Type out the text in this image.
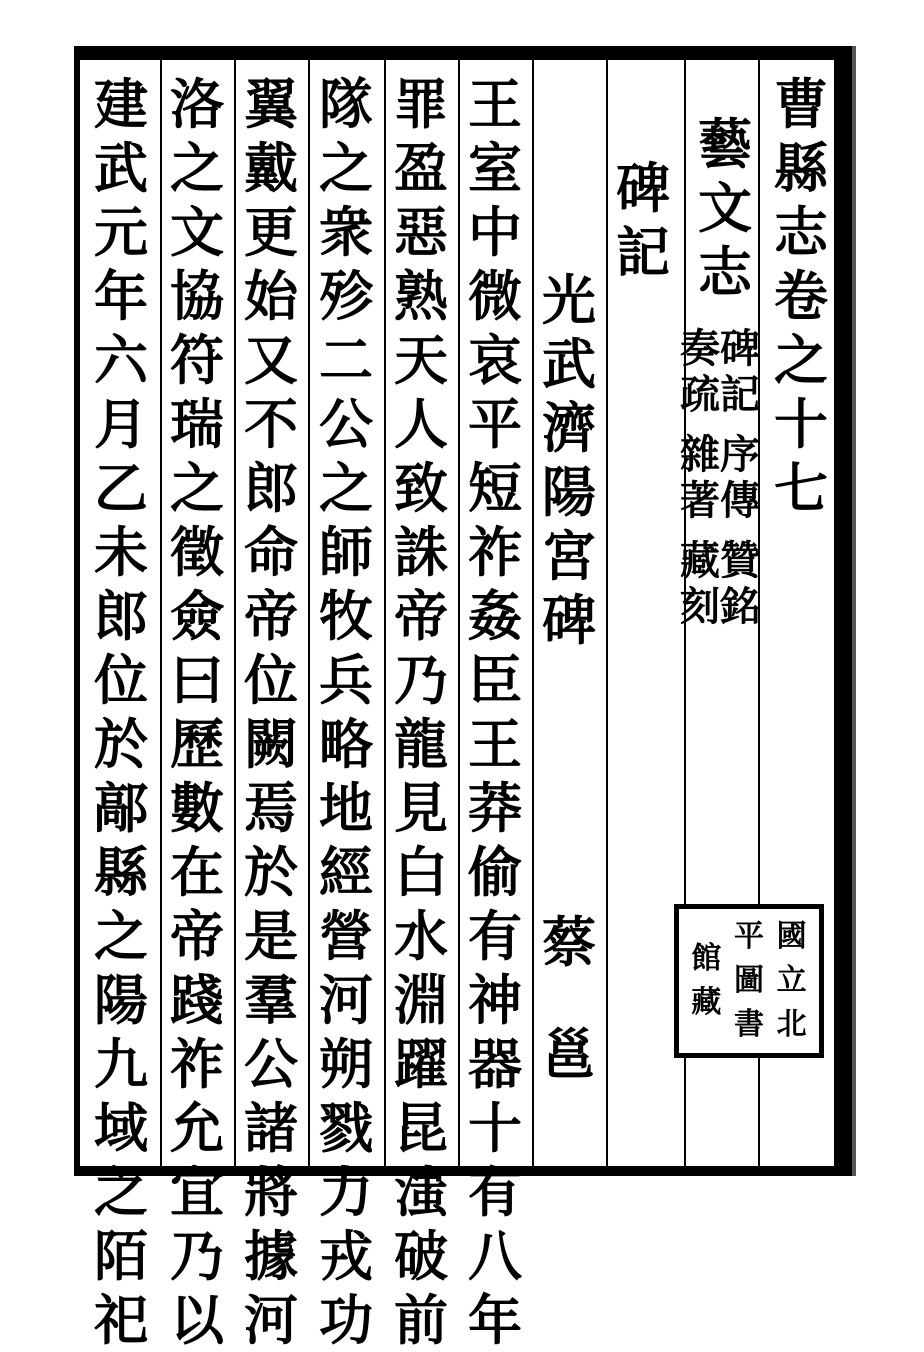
曹
縣
志
卷
之
十
七
藝
文
志
碑
記
序
傳
贊
銘
奏
疏
雜
著
藏
刻
碑
記
光
武
濟
陽
宮
碑
蔡
邕
王
室
中
微
哀
平
短
祚
姦
臣
王
莽
偷
有
神
器
十
有
八
年
罪
盈
惡
熟
天
人
致
誅
帝
乃
龍
見
白
水
淵
躍
昆
滍
破
前
隊
之
衆
殄
二
公
之
師
牧
兵
略
地
經
營
河
朔
戮
力
戎
功
翼
戴
更
始
又
不
郎
命
帝
位
闕
焉
於
是
羣
公
諸
將
據
河
洛
之
文
協
符
瑞
之
徵
僉
曰
歷
數
在
帝
踐
祚
允
宜
乃
以
建
武
元
年
六
月
乙
未
郎
位
於
鄗
縣
之
陽
九
域
之
陌
祀
國
立
北
平
圖
書
館
藏
